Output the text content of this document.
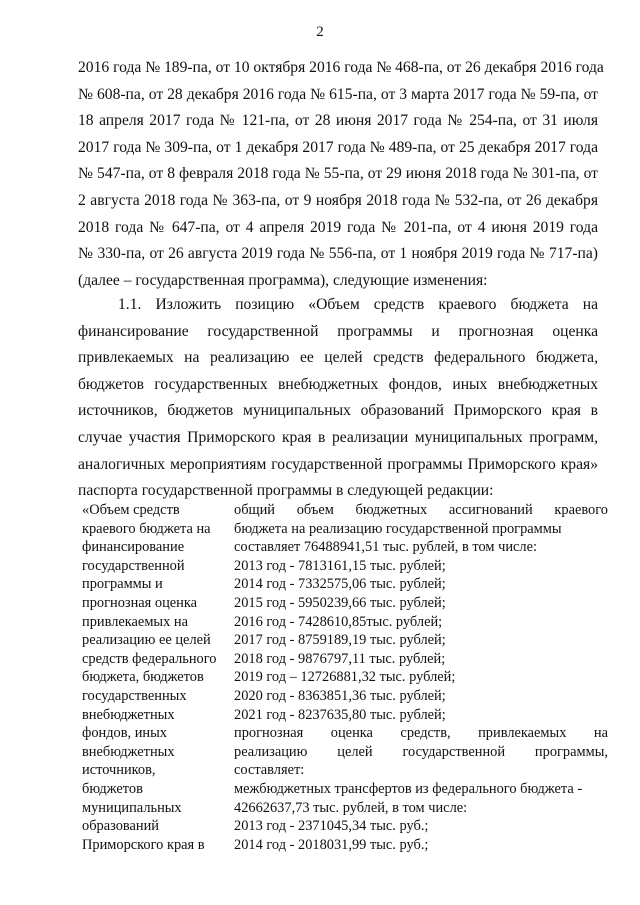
2
2016 года № 189-па, от 10 октября 2016 года № 468-па, от 26 декабря 2016 года
№ 608-па, от 28 декабря 2016 года № 615-па, от 3 марта 2017 года № 59-па, от
18 апреля 2017 года № 121-па, от 28 июня 2017 года № 254-па, от 31 июля
2017 года № 309-па, от 1 декабря 2017 года № 489-па, от 25 декабря 2017 года
№ 547-па, от 8 февраля 2018 года № 55-па, от 29 июня 2018 года № 301-па, от
2 августа 2018 года № 363-па, от 9 ноября 2018 года № 532-па, от 26 декабря
2018 года № 647-па, от 4 апреля 2019 года № 201-па, от 4 июня 2019 года
№ 330-па, от 26 августа 2019 года № 556-па, от 1 ноября 2019 года № 717-па)
(далее – государственная программа), следующие изменения:
1.1. Изложить позицию «Объем средств краевого бюджета на
финансирование государственной программы и прогнозная оценка
привлекаемых на реализацию ее целей средств федерального бюджета,
бюджетов государственных внебюджетных фондов, иных внебюджетных
источников, бюджетов муниципальных образований Приморского края в
случае участия Приморского края в реализации муниципальных программ,
аналогичных мероприятиям государственной программы Приморского края»
паспорта государственной программы в следующей редакции:
«Объем средств
краевого бюджета на
финансирование
государственной
программы и
прогнозная оценка
привлекаемых на
реализацию ее целей
средств федерального
бюджета, бюджетов
государственных
внебюджетных
фондов, иных
внебюджетных
источников,
бюджетов
муниципальных
образований
Приморского края в
общий объем бюджетных ассигнований краевого
бюджета на реализацию государственной программы
составляет 76488941,51 тыс. рублей, в том числе:
2013 год - 7813161,15 тыс. рублей;
2014 год - 7332575,06 тыс. рублей;
2015 год - 5950239,66 тыс. рублей;
2016 год - 7428610,85тыс. рублей;
2017 год - 8759189,19 тыс. рублей;
2018 год - 9876797,11 тыс. рублей;
2019 год – 12726881,32 тыс. рублей;
2020 год - 8363851,36 тыс. рублей;
2021 год - 8237635,80 тыс. рублей;
прогнозная оценка средств, привлекаемых на
реализацию целей государственной программы,
составляет:
межбюджетных трансфертов из федерального бюджета -
42662637,73 тыс. рублей, в том числе:
2013 год - 2371045,34 тыс. руб.;
2014 год - 2018031,99 тыс. руб.;
